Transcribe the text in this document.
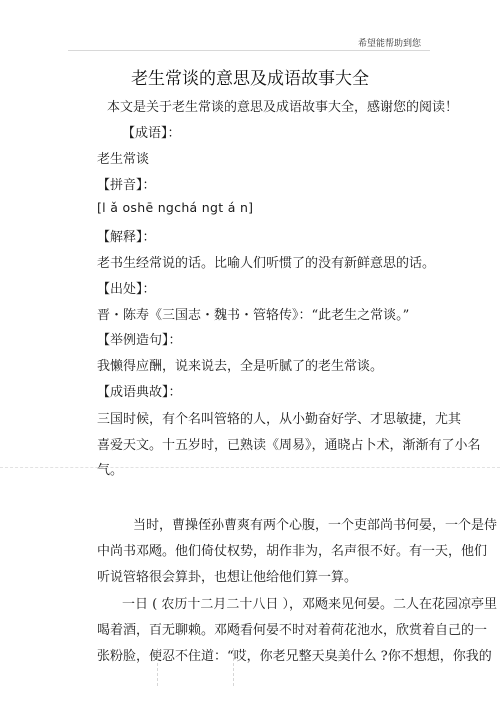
希望能帮助到您
老生常谈的意思及成语故事大全
本文是关于老生常谈的意思及成语故事大全，感谢您的阅读！
【成语】：
老生常谈
【拼音】：
[l ǎ oshē ngchá ngt á n]
【解释】：
老书生经常说的话。比喻人们听惯了的没有新鲜意思的话。
【出处】：
晋・陈寿《三国志・魏书・管辂传》：“此老生之常谈。”
【举例造句】：
我懒得应酬，说来说去，全是听腻了的老生常谈。
【成语典故】：
三国时候，有个名叫管辂的人，从小勤奋好学、才思敏捷，尤其
喜爱天文。十五岁时，已熟读《周易》，通晓占卜术，渐渐有了小名
气。
当时，曹操侄孙曹爽有两个心腹，一个吏部尚书何晏，一个是侍
中尚书邓飏。他们倚仗权势，胡作非为，名声很不好。有一天，他们
听说管辂很会算卦，也想让他给他们算一算。
一日 ( 农历十二月二十八日 ），邓飏来见何晏。二人在花园凉亭里
喝着酒，百无聊赖。邓飏看何晏不时对着荷花池水，欣赏着自己的一
张粉脸，便忍不住道：“哎，你老兄整天臭美什么 ?你不想想，你我的
